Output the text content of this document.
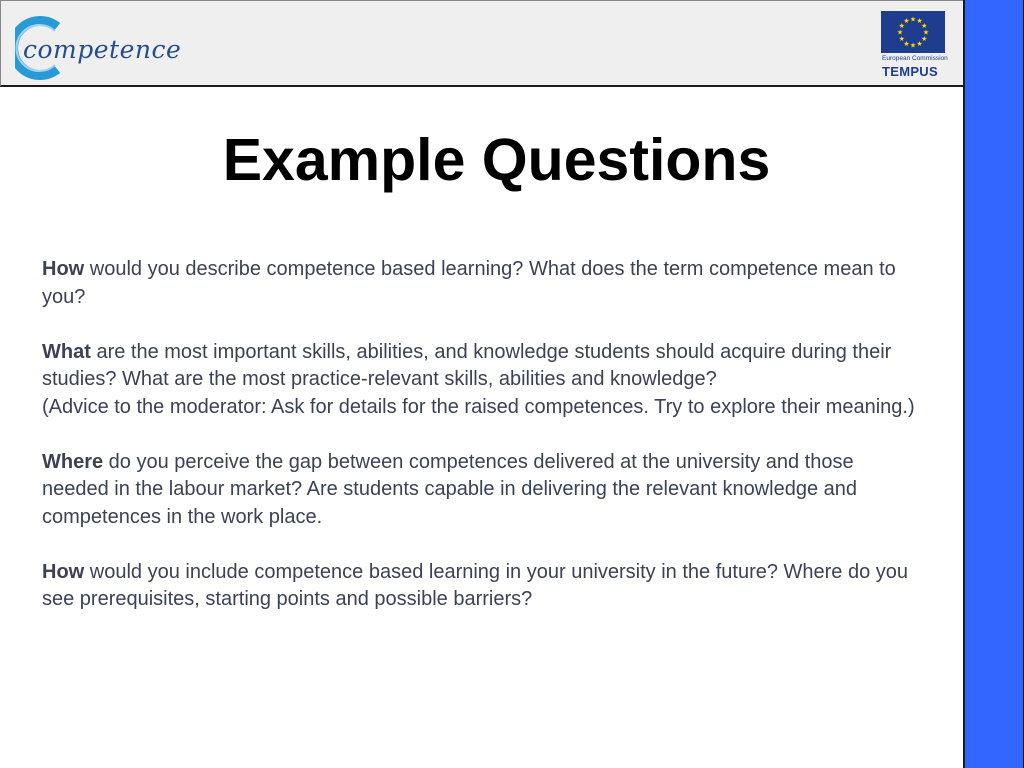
competence
★ ★
★
★
★
★
★
★
★
★
★
★
European Commission
TEMPUS
Example Questions

How would you describe competence based learning? What does the term competence mean to you?

What are the most important skills, abilities, and knowledge students should acquire during their studies? What are the most practice-relevant skills, abilities and knowledge?

(Advice to the moderator: Ask for details for the raised competences. Try to explore their meaning.)

Where do you perceive the gap between competences delivered at the university and those needed in the labour market? Are students capable in delivering the relevant knowledge and competences in the work place.

How would you include competence based learning in your university in the future? Where do you see prerequisites, starting points and possible barriers?
